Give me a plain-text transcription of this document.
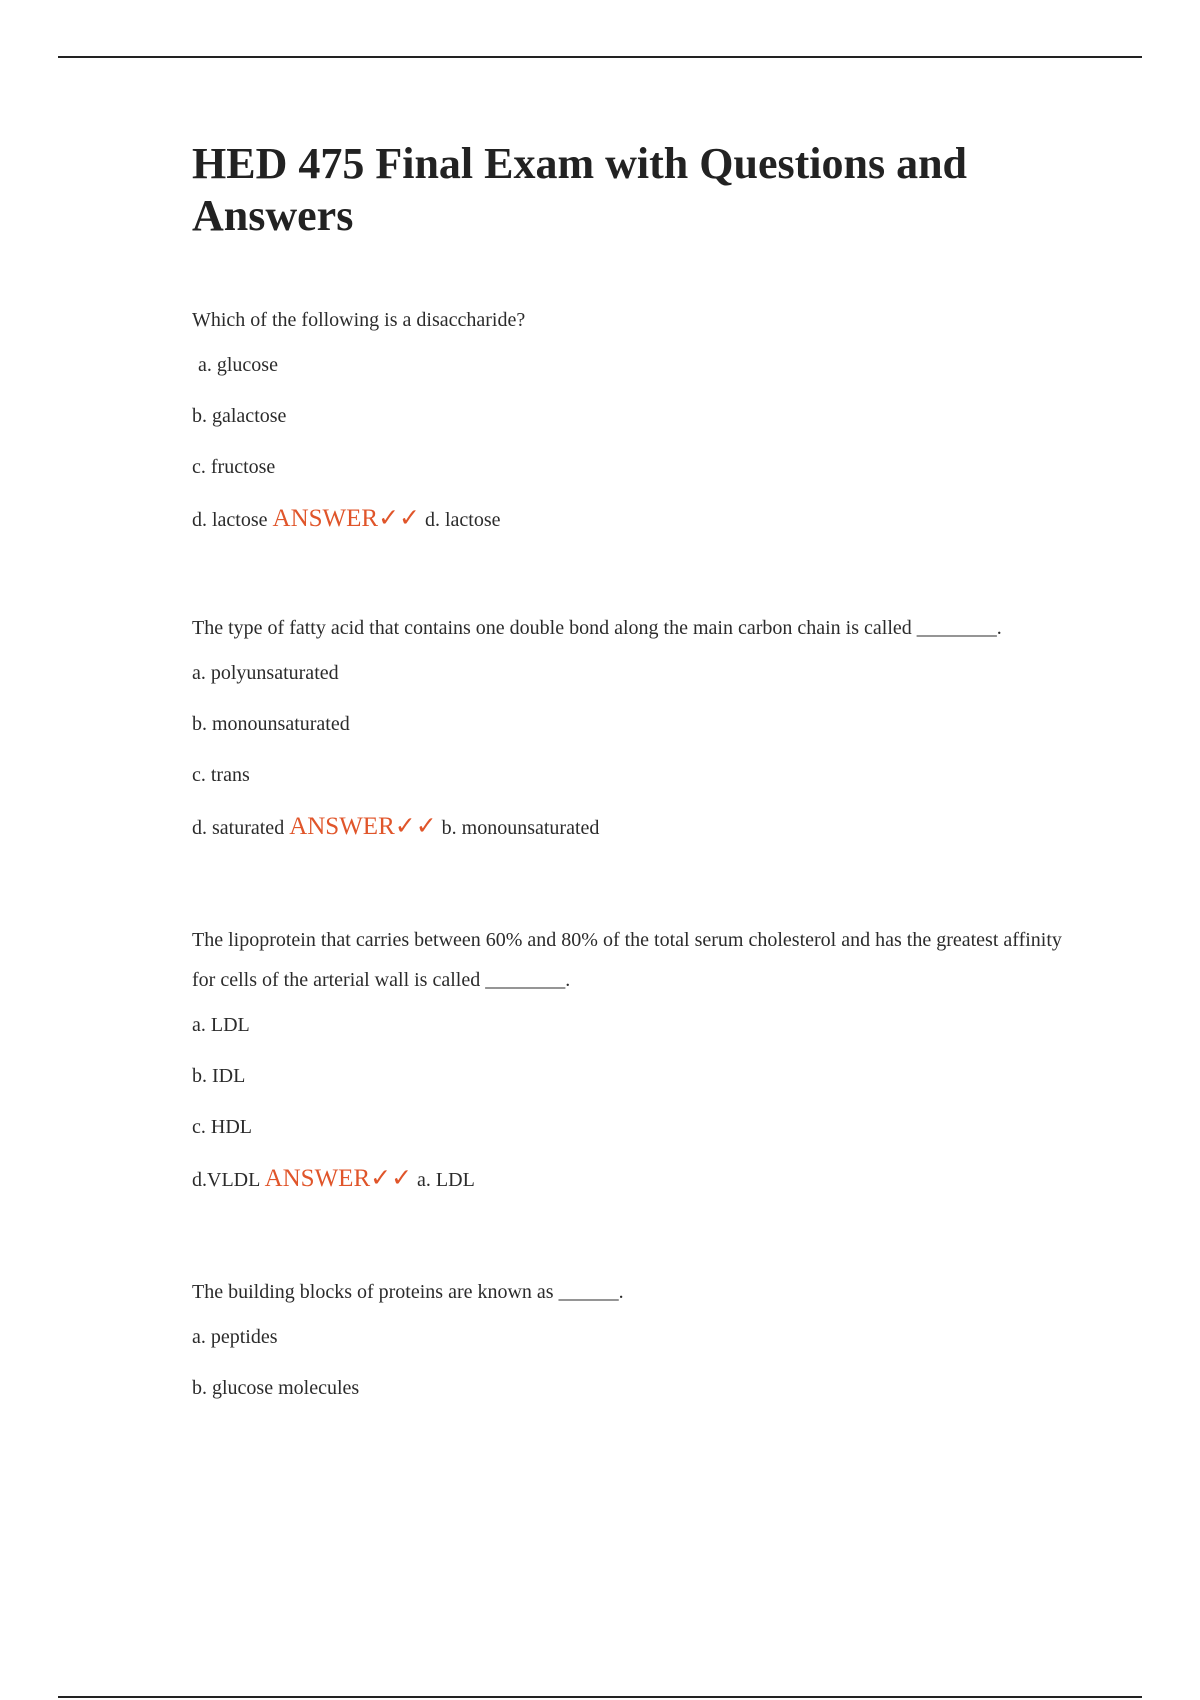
HED 475 Final Exam with Questions and Answers

Which of the following is a disaccharide?

a. glucose

b. galactose

c. fructose

d. lactose ANSWER✓✓ d. lactose

The type of fatty acid that contains one double bond along the main carbon chain is called ________.

a. polyunsaturated

b. monounsaturated

c. trans

d. saturated ANSWER✓✓ b. monounsaturated

The lipoprotein that carries between 60% and 80% of the total serum cholesterol and has the greatest affinity for cells of the arterial wall is called ________.

a. LDL

b. IDL

c. HDL

d.VLDL ANSWER✓✓ a. LDL

The building blocks of proteins are known as ______.

a. peptides

b. glucose molecules
